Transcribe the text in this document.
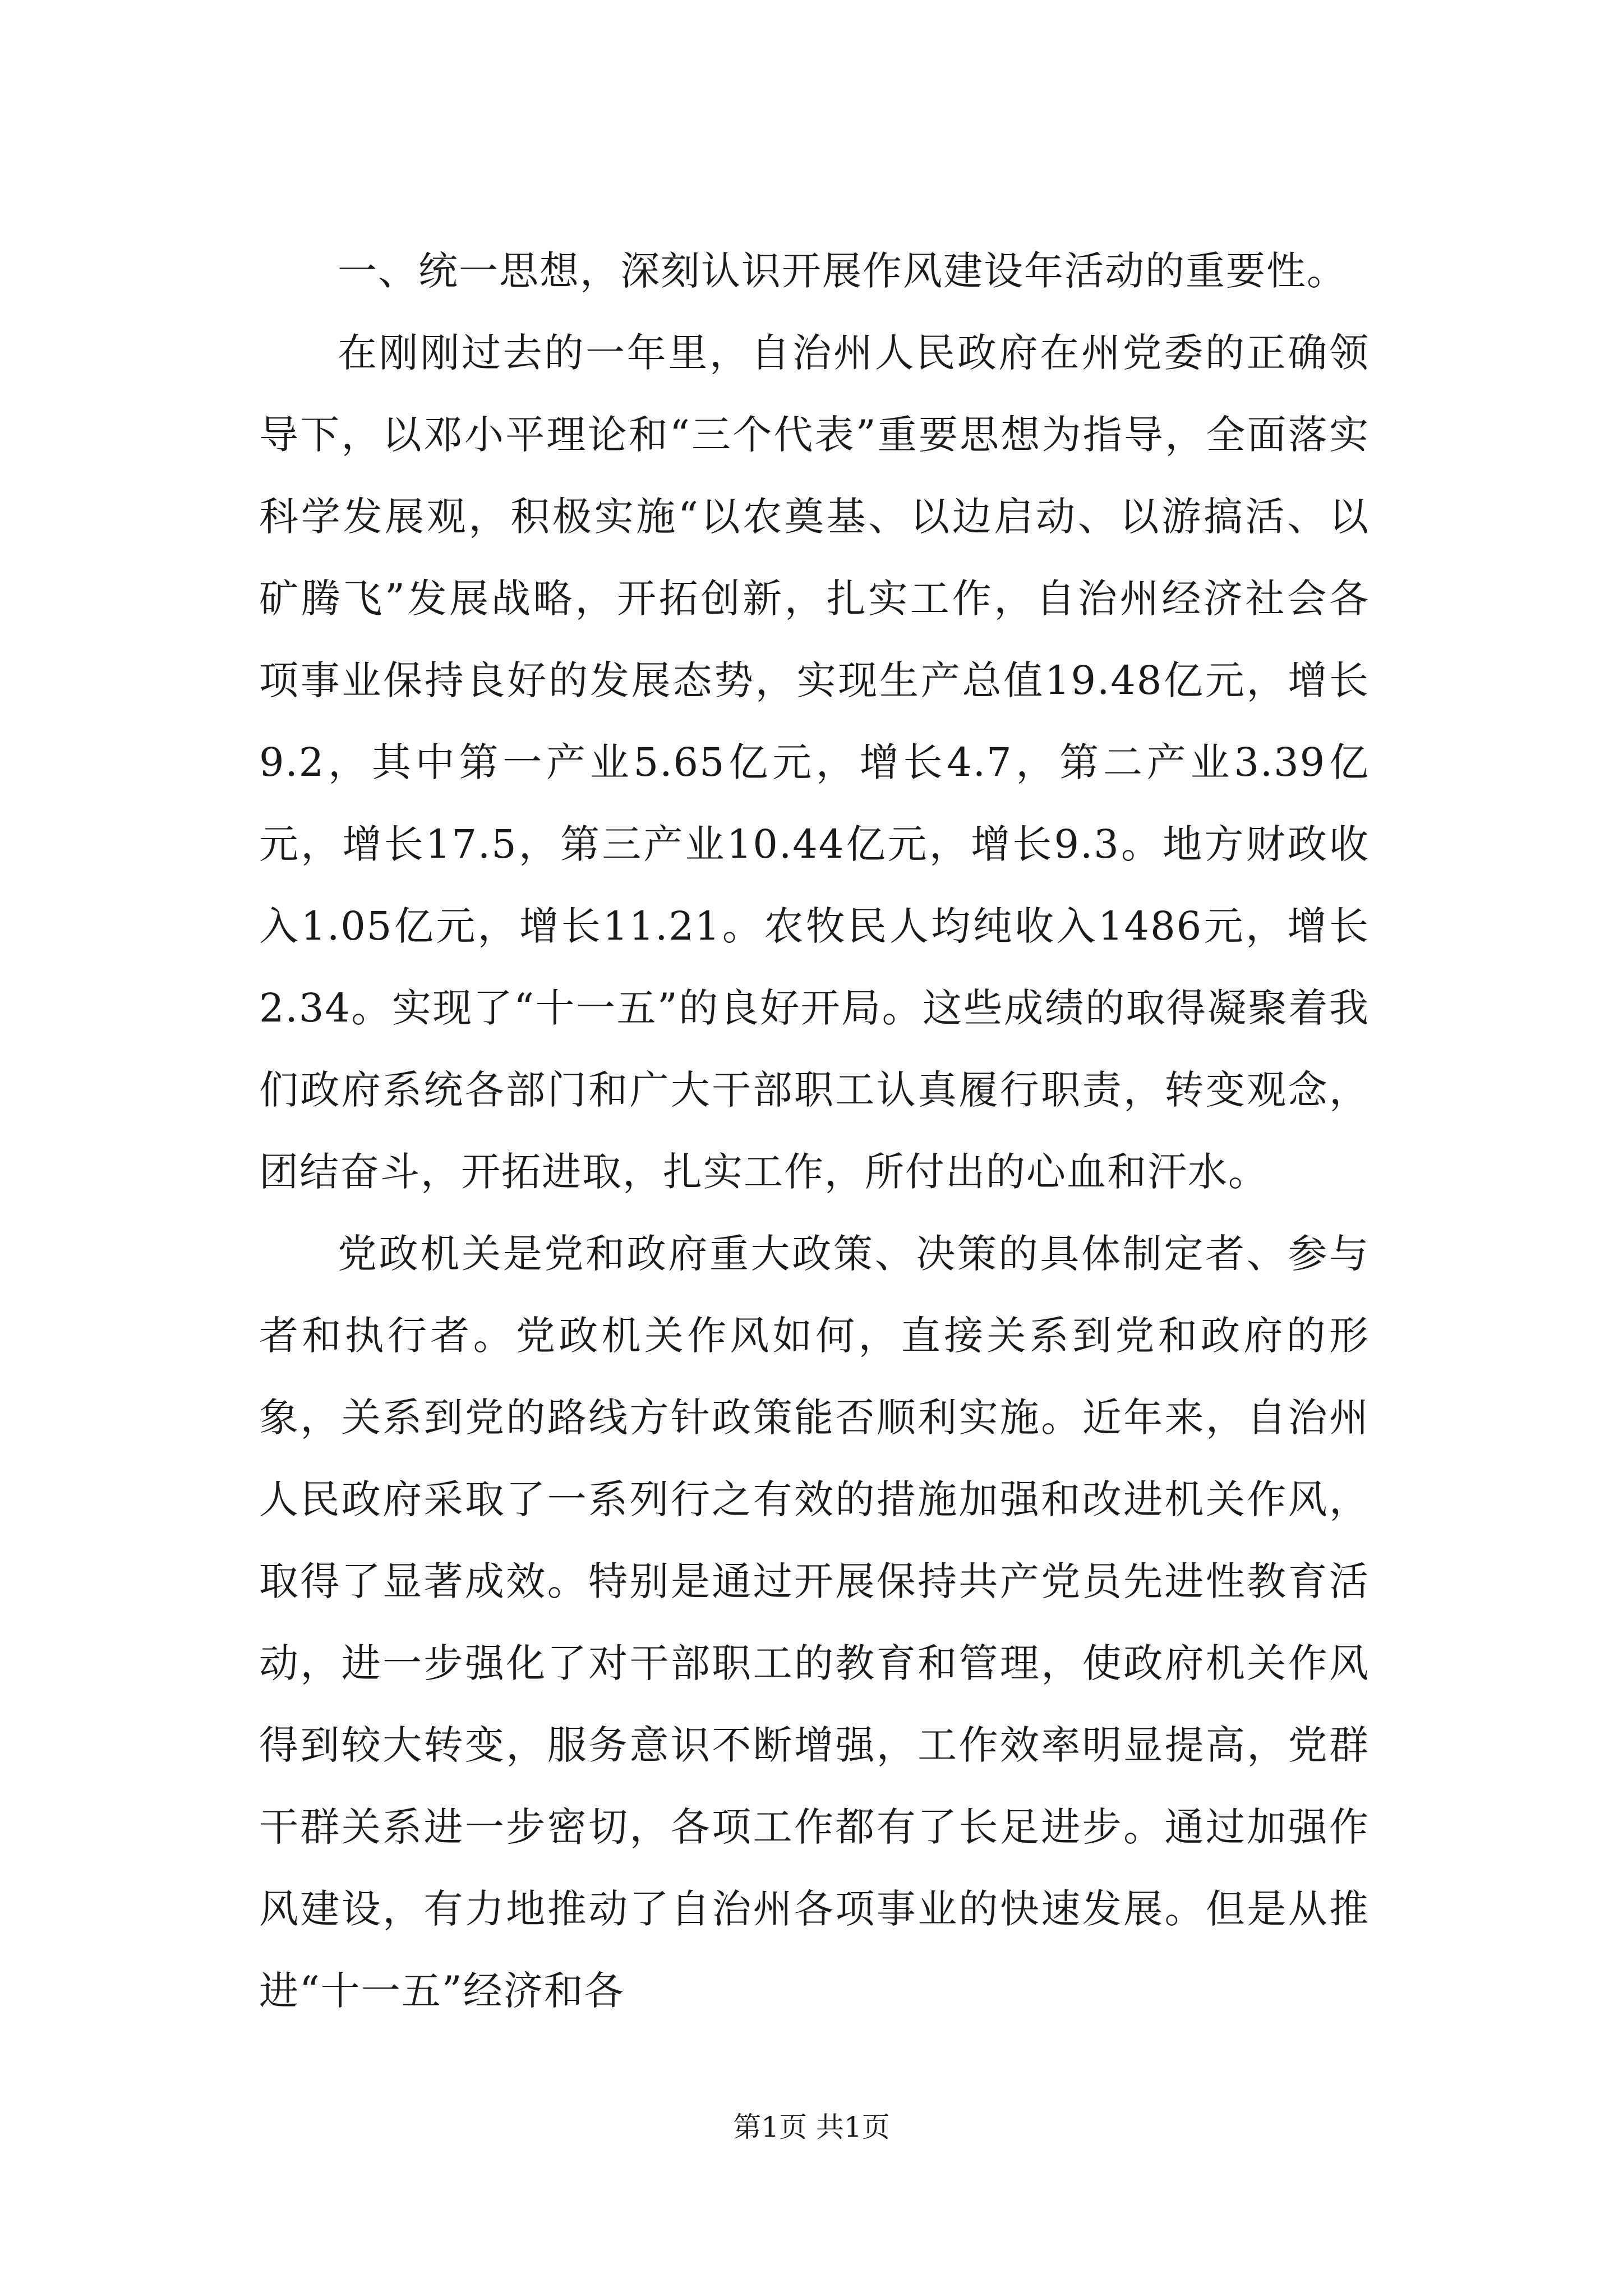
一、统一思想，深刻认识开展作风建设年活动的重要性。

在刚刚过去的一年里，自治州人民政府在州党委的正确领导下，以邓小平理论和“三个代表”重要思想为指导，全面落实科学发展观，积极实施“以农奠基、以边启动、以游搞活、以矿腾飞”发展战略，开拓创新，扎实工作，自治州经济社会各项事业保持良好的发展态势，实现生产总值19.48亿元，增长9.2，其中第一产业5.65亿元，增长4.7，第二产业3.39亿元，增长17.5，第三产业10.44亿元，增长9.3。地方财政收入1.05亿元，增长11.21。农牧民人均纯收入1486元，增长2.34。实现了“十一五”的良好开局。这些成绩的取得凝聚着我们政府系统各部门和广大干部职工认真履行职责，转变观念，团结奋斗，开拓进取，扎实工作，所付出的心血和汗水。

党政机关是党和政府重大政策、决策的具体制定者、参与者和执行者。党政机关作风如何，直接关系到党和政府的形象，关系到党的路线方针政策能否顺利实施。近年来，自治州人民政府采取了一系列行之有效的措施加强和改进机关作风，取得了显著成效。特别是通过开展保持共产党员先进性教育活动，进一步强化了对干部职工的教育和管理，使政府机关作风得到较大转变，服务意识不断增强，工作效率明显提高，党群干群关系进一步密切，各项工作都有了长足进步。通过加强作风建设，有力地推动了自治州各项事业的快速发展。但是从推进“十一五”经济和各

第1页 共1页
